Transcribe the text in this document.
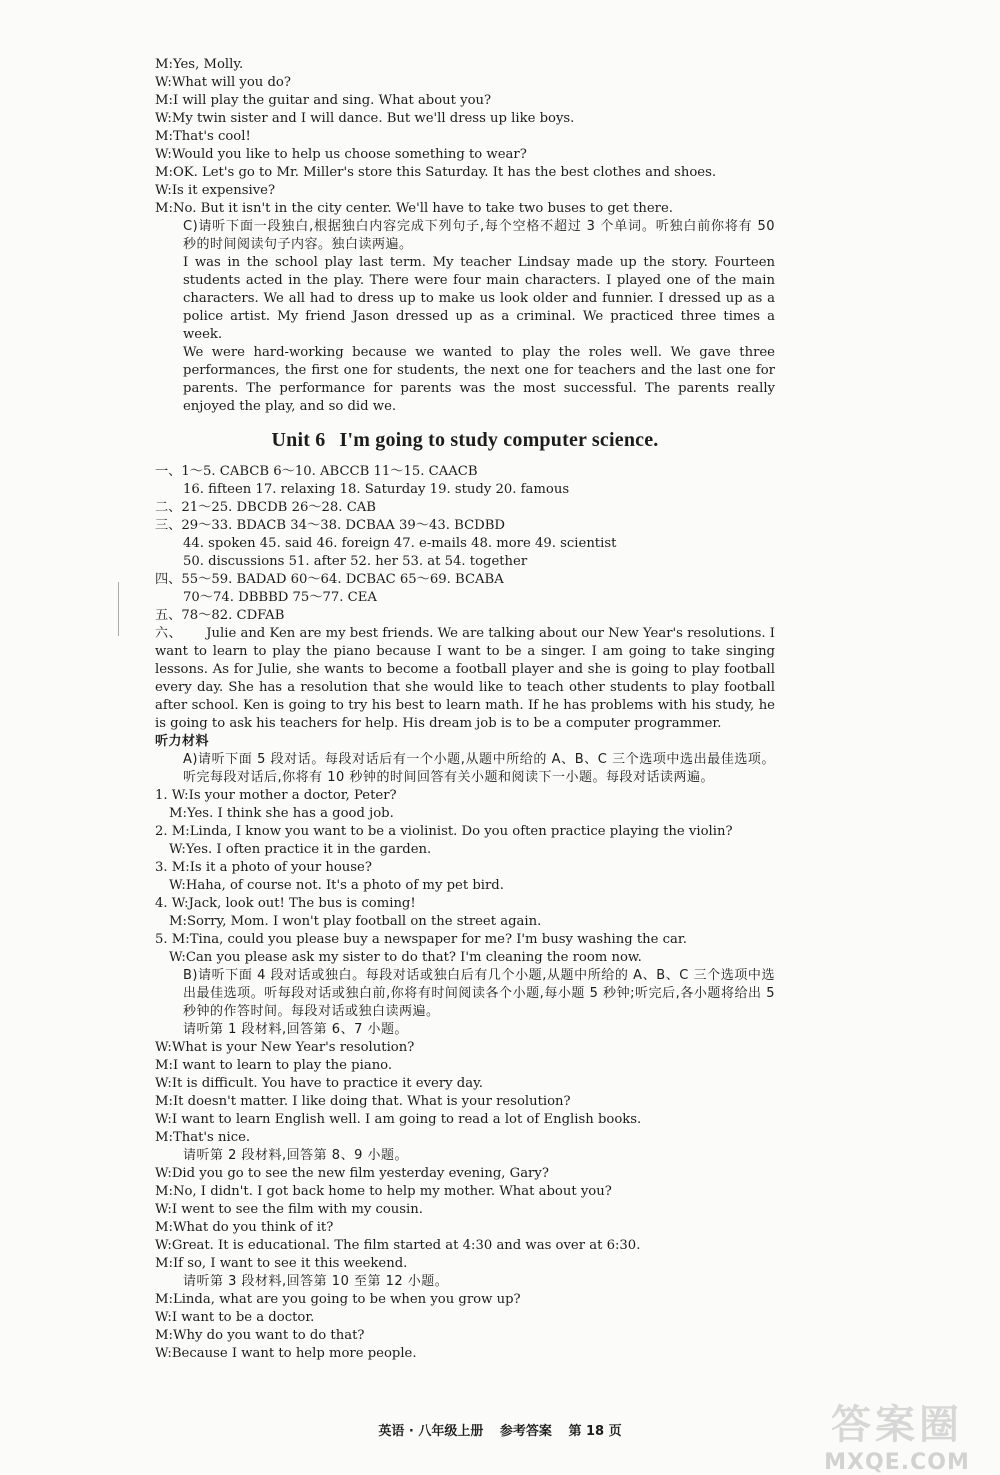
M:Yes, Molly.
W:What will you do?
M:I will play the guitar and sing. What about you?
W:My twin sister and I will dance. But we'll dress up like boys.
M:That's cool!
W:Would you like to help us choose something to wear?
M:OK. Let's go to Mr. Miller's store this Saturday. It has the best clothes and shoes.
W:Is it expensive?
M:No. But it isn't in the city center. We'll have to take two buses to get there.
C)请听下面一段独白,根据独白内容完成下列句子,每个空格不超过 3 个单词。听独白前你将有 50 秒的时间阅读句子内容。独白读两遍。
I was in the school play last term. My teacher Lindsay made up the story. Fourteen students acted in the play. There were four main characters. I played one of the main characters. We all had to dress up to make us look older and funnier. I dressed up as a police artist. My friend Jason dressed up as a criminal. We practiced three times a week.
We were hard-working because we wanted to play the roles well. We gave three performances, the first one for students, the next one for teachers and the last one for parents. The performance for parents was the most successful. The parents really enjoyed the play, and so did we.
Unit 6 I'm going to study computer science.
一、1～5. CABCB 6～10. ABCCB 11～15. CAACB
16. fifteen 17. relaxing 18. Saturday 19. study 20. famous
二、21～25. DBCDB 26～28. CAB
三、29～33. BDACB 34～38. DCBAA 39～43. BCDBD
44. spoken 45. said 46. foreign 47. e-mails 48. more 49. scientist
50. discussions 51. after 52. her 53. at 54. together
四、55～59. BADAD 60～64. DCBAC 65～69. BCABA
70～74. DBBBD 75～77. CEA
五、78～82. CDFAB
六、 Julie and Ken are my best friends. We are talking about our New Year's resolutions. I want to learn to play the piano because I want to be a singer. I am going to take singing lessons. As for Julie, she wants to become a football player and she is going to play football every day. She has a resolution that she would like to teach other students to play football after school. Ken is going to try his best to learn math. If he has problems with his study, he is going to ask his teachers for help. His dream job is to be a computer programmer.
听力材料
A)请听下面 5 段对话。每段对话后有一个小题,从题中所给的 A、B、C 三个选项中选出最佳选项。听完每段对话后,你将有 10 秒钟的时间回答有关小题和阅读下一小题。每段对话读两遍。
1. W:Is your mother a doctor, Peter?
M:Yes. I think she has a good job.
2. M:Linda, I know you want to be a violinist. Do you often practice playing the violin?
W:Yes. I often practice it in the garden.
3. M:Is it a photo of your house?
W:Haha, of course not. It's a photo of my pet bird.
4. W:Jack, look out! The bus is coming!
M:Sorry, Mom. I won't play football on the street again.
5. M:Tina, could you please buy a newspaper for me? I'm busy washing the car.
W:Can you please ask my sister to do that? I'm cleaning the room now.
B)请听下面 4 段对话或独白。每段对话或独白后有几个小题,从题中所给的 A、B、C 三个选项中选出最佳选项。听每段对话或独白前,你将有时间阅读各个小题,每小题 5 秒钟;听完后,各小题将给出 5 秒钟的作答时间。每段对话或独白读两遍。
请听第 1 段材料,回答第 6、7 小题。
W:What is your New Year's resolution?
M:I want to learn to play the piano.
W:It is difficult. You have to practice it every day.
M:It doesn't matter. I like doing that. What is your resolution?
W:I want to learn English well. I am going to read a lot of English books.
M:That's nice.
请听第 2 段材料,回答第 8、9 小题。
W:Did you go to see the new film yesterday evening, Gary?
M:No, I didn't. I got back home to help my mother. What about you?
W:I went to see the film with my cousin.
M:What do you think of it?
W:Great. It is educational. The film started at 4:30 and was over at 6:30.
M:If so, I want to see it this weekend.
请听第 3 段材料,回答第 10 至第 12 小题。
M:Linda, what are you going to be when you grow up?
W:I want to be a doctor.
M:Why do you want to do that?
W:Because I want to help more people.
英语 · 八年级上册 参考答案 第 18 页	答案圈
MXQE.COM
